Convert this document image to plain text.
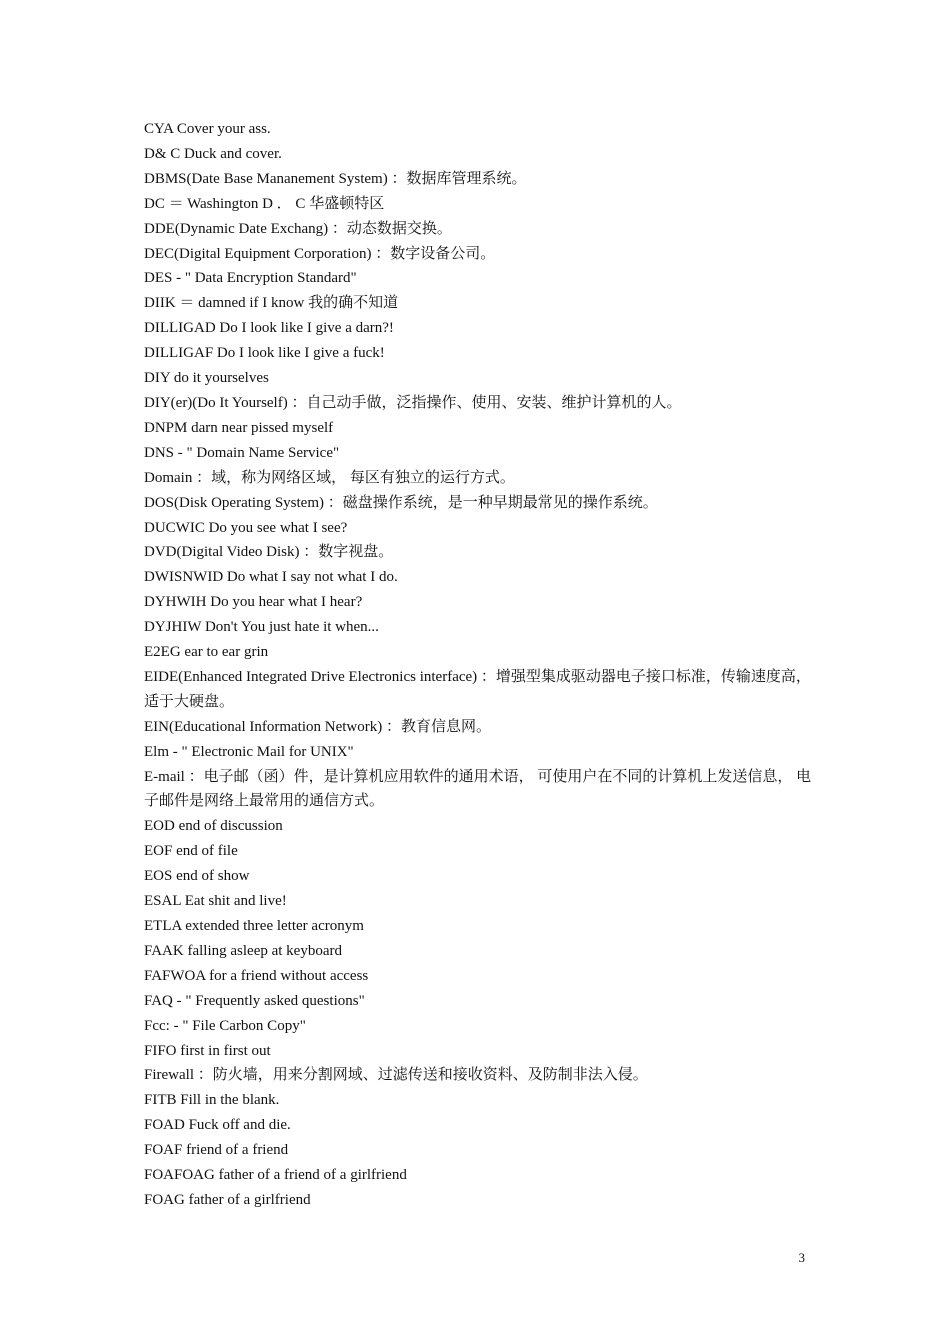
CYA Cover your ass.
D& C Duck and cover.
DBMS(Date Base Mananement System) ：数据库管理系统。
DC ＝ Washington D ． C 华盛顿特区
DDE(Dynamic Date Exchang) ：动态数据交换。
DEC(Digital Equipment Corporation) ：数字设备公司。
DES - " Data Encryption Standard"
DIIK ＝ damned if I know 我的确不知道
DILLIGAD Do I look like I give a darn?!
DILLIGAF Do I look like I give a fuck!
DIY do it yourselves
DIY(er)(Do It Yourself) ：自己动手做，泛指操作、使用、安装、维护计算机的人。
DNPM darn near pissed myself
DNS - " Domain Name Service"
Domain ：域，称为网络区域， 每区有独立的运行方式。
DOS(Disk Operating System) ：磁盘操作系统，是一种早期最常见的操作系统。
DUCWIC Do you see what I see?
DVD(Digital Video Disk) ：数字视盘。
DWISNWID Do what I say not what I do.
DYHWIH Do you hear what I hear?
DYJHIW Don't You just hate it when...
E2EG ear to ear grin
EIDE(Enhanced Integrated Drive Electronics interface) ：增强型集成驱动器电子接口标准，传输速度高，适于大硬盘。
EIN(Educational Information Network) ：教育信息网。
Elm - " Electronic Mail for UNIX"
E-mail ：电子邮（函）件，是计算机应用软件的通用术语， 可使用户在不同的计算机上发送信息， 电子邮件是网络上最常用的通信方式。
EOD end of discussion
EOF end of file
EOS end of show
ESAL Eat shit and live!
ETLA extended three letter acronym
FAAK falling asleep at keyboard
FAFWOA for a friend without access
FAQ - " Frequently asked questions"
Fcc: - " File Carbon Copy"
FIFO first in first out
Firewall ：防火墙，用来分割网域、过滤传送和接收资料、及防制非法入侵。
FITB Fill in the blank.
FOAD Fuck off and die.
FOAF friend of a friend
FOAFOAG father of a friend of a girlfriend
FOAG father of a girlfriend
3
